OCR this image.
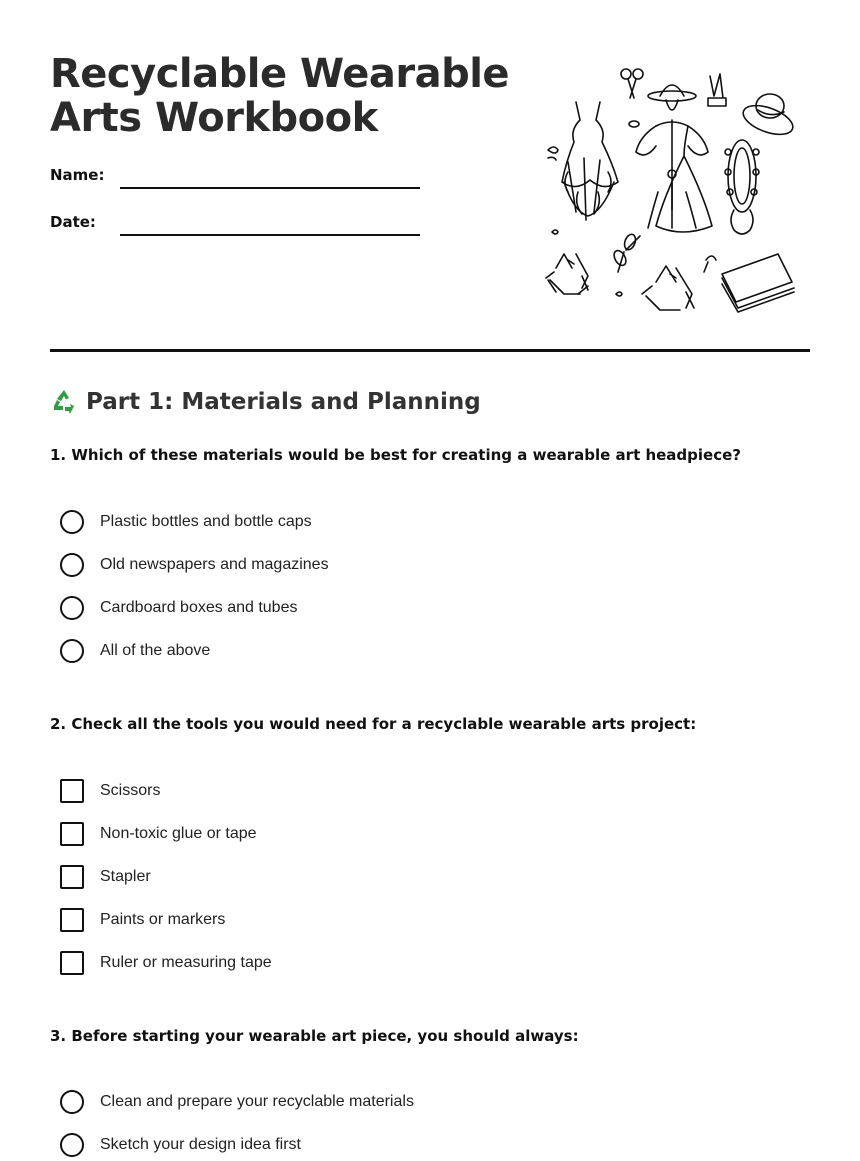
Recyclable Wearable
Arts Workbook
Name:
Date:
Part 1: Materials and Planning

1. Which of these materials would be best for creating a wearable art headpiece?

Plastic bottles and bottle caps
Old newspapers and magazines
Cardboard boxes and tubes
All of the above

2. Check all the tools you would need for a recyclable wearable arts project:

Scissors
Non-toxic glue or tape
Stapler
Paints or markers
Ruler or measuring tape

3. Before starting your wearable art piece, you should always:

Clean and prepare your recyclable materials
Sketch your design idea first
